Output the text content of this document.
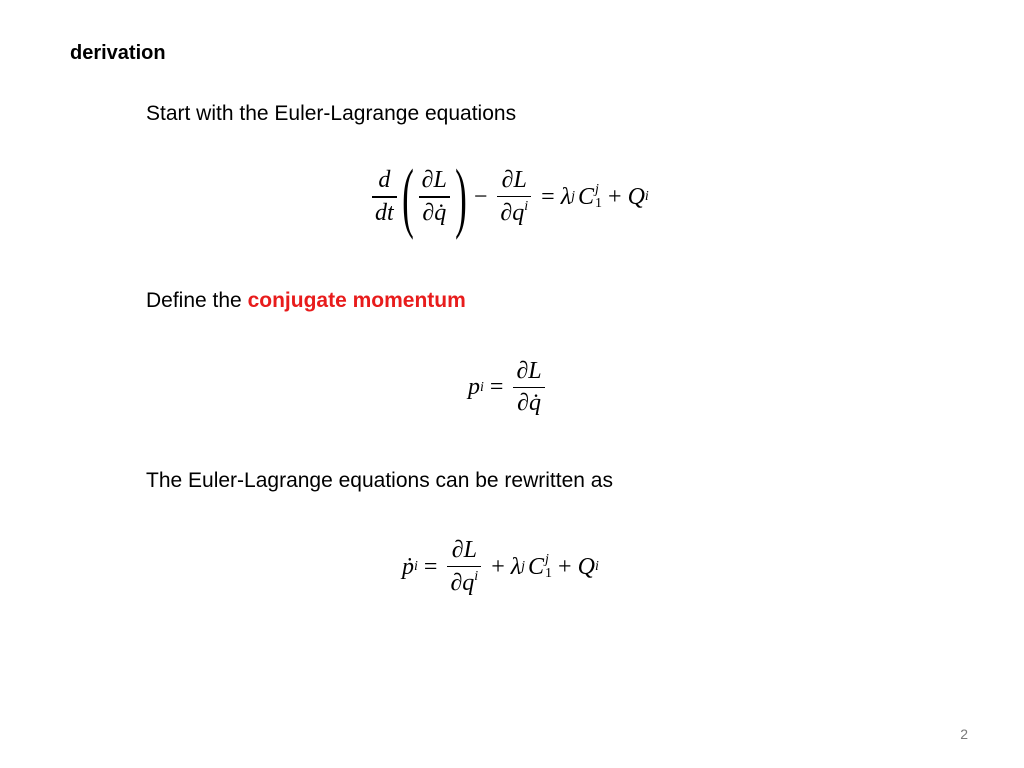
derivation
Start with the Euler-Lagrange equations
$\frac{d}{dt}$ ( $\frac{\partial L}{\partial q̇}$ ) − $\frac{\partial L}{\partial q^i} = \lambda$ j C j
1 + Q i
Define the conjugate momentum
p $i = \frac{\partial L}{\partial q̇}$
The Euler-Lagrange equations can be rewritten as
ṗ $i = \frac{\partial L}{\partial q^i} + \lambda$ j C j
1 + Q i
2
